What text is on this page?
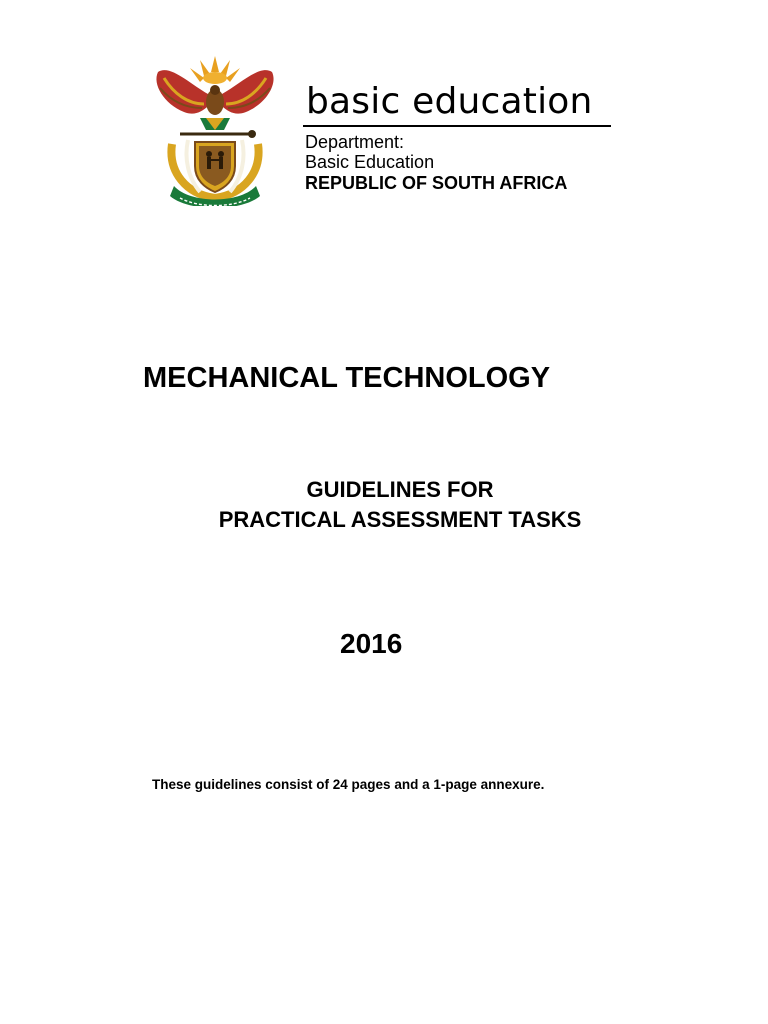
basic education
Department:
Basic Education
REPUBLIC OF SOUTH AFRICA
MECHANICAL TECHNOLOGY
GUIDELINES FOR
PRACTICAL ASSESSMENT TASKS
2016
These guidelines consist of 24 pages and a 1-page annexure.
